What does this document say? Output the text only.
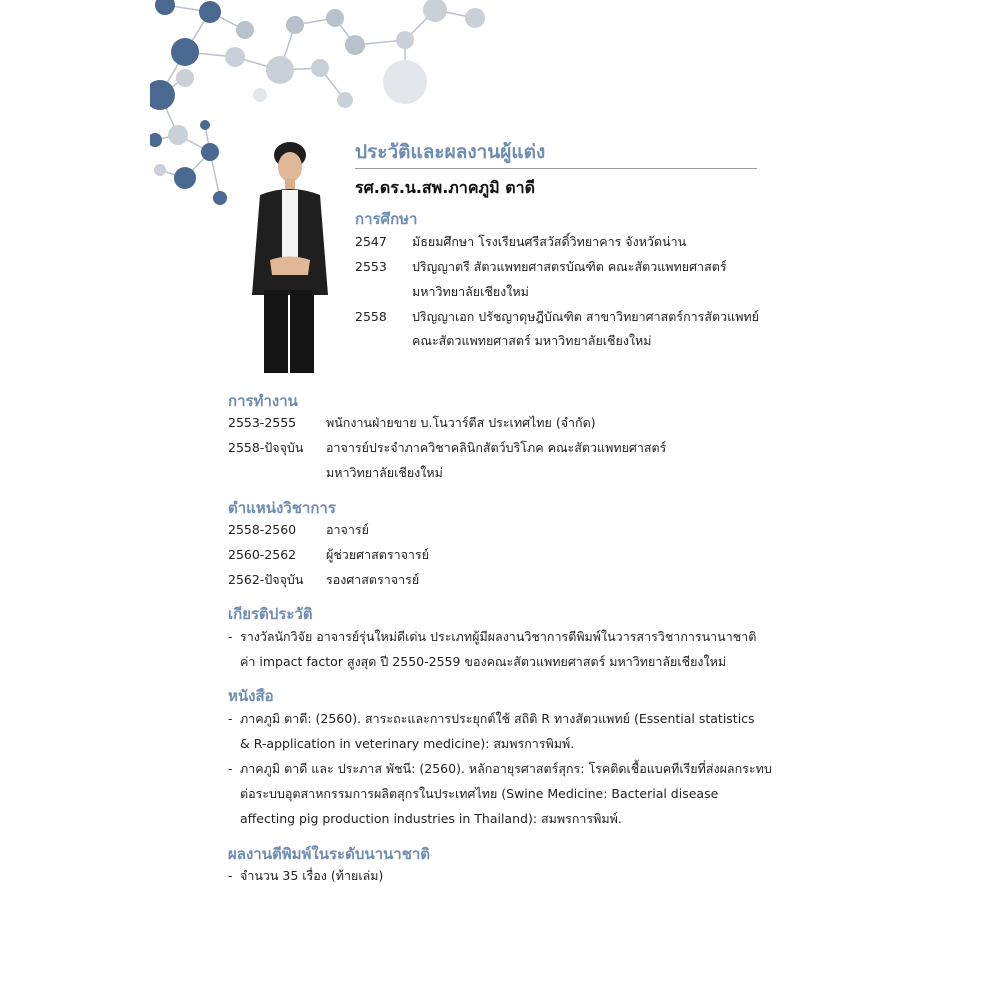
ประวัติและผลงานผู้แต่ง
รศ.ดร.น.สพ.ภาคภูมิ ตาดี
การศึกษา
2547 มัธยมศึกษา โรงเรียนศรีสวัสดิ์วิทยาคาร จังหวัดน่าน
2553 ปริญญาตรี สัตวแพทยศาสตรบัณฑิต คณะสัตวแพทยศาสตร์
มหาวิทยาลัยเชียงใหม่
2558 ปริญญาเอก ปรัชญาดุษฎีบัณฑิต สาขาวิทยาศาสตร์การสัตวแพทย์
คณะสัตวแพทยศาสตร์ มหาวิทยาลัยเชียงใหม่
การทำงาน
2553-2555 พนักงานฝ่ายขาย บ.โนวาร์ตีส ประเทศไทย (จำกัด)
2558-ปัจจุบัน อาจารย์ประจำภาควิชาคลินิกสัตว์บริโภค คณะสัตวแพทยศาสตร์
มหาวิทยาลัยเชียงใหม่
ตำแหน่งวิชาการ
2558-2560 อาจารย์
2560-2562 ผู้ช่วยศาสตราจารย์
2562-ปัจจุบัน รองศาสตราจารย์
เกียรติประวัติ
- รางวัลนักวิจัย อาจารย์รุ่นใหม่ดีเด่น ประเภทผู้มีผลงานวิชาการตีพิมพ์ในวารสารวิชาการนานาชาติ
ค่า impact factor สูงสุด ปี 2550-2559 ของคณะสัตวแพทยศาสตร์ มหาวิทยาลัยเชียงใหม่
หนังสือ
- ภาคภูมิ ตาดี: (2560). สาระถะและการประยุกต์ใช้ สถิติ R ทางสัตวแพทย์ (Essential statistics
& R-application in veterinary medicine): สมพรการพิมพ์.
- ภาคภูมิ ตาดี และ ประภาส พัชนี: (2560). หลักอายุรศาสตร์สุกร: โรคติดเชื้อแบคทีเรียที่ส่งผลกระทบ
ต่อระบบอุตสาหกรรมการผลิตสุกรในประเทศไทย (Swine Medicine: Bacterial disease
affecting pig production industries in Thailand): สมพรการพิมพ์.
ผลงานตีพิมพ์ในระดับนานาชาติ
- จำนวน 35 เรื่อง (ท้ายเล่ม)
